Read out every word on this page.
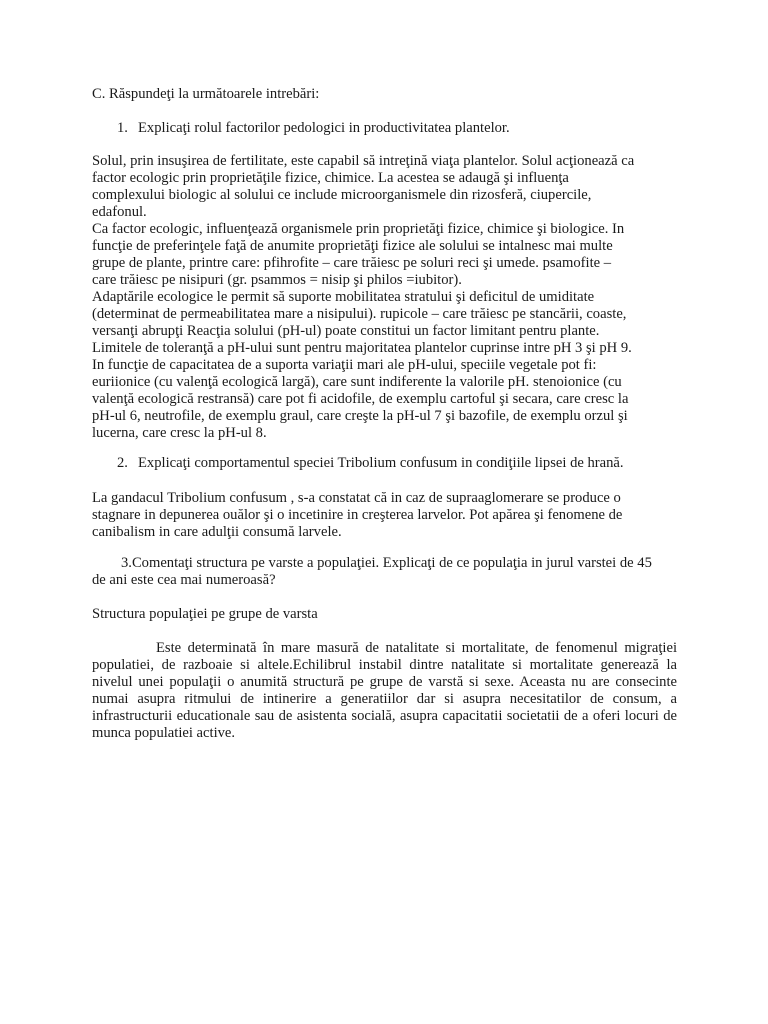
C. Răspundeţi la următoarele intrebări:

1. Explicaţi rolul factorilor pedologici in productivitatea plantelor.

Solul, prin insuşirea de fertilitate, este capabil să intreţină viaţa plantelor. Solul acţionează ca
factor ecologic prin proprietăţile fizice, chimice. La acestea se adaugă şi influenţa
complexului biologic al solului ce include microorganismele din rizosferă, ciupercile,
edafonul.
Ca factor ecologic, influenţează organismele prin proprietăţi fizice, chimice şi biologice. In
funcţie de preferinţele faţă de anumite proprietăţi fizice ale solului se intalnesc mai multe
grupe de plante, printre care: pfihrofite – care trăiesc pe soluri reci şi umede. psamofite –
care trăiesc pe nisipuri (gr. psammos = nisip şi philos =iubitor).
Adaptările ecologice le permit să suporte mobilitatea stratului şi deficitul de umiditate
(determinat de permeabilitatea mare a nisipului). rupicole – care trăiesc pe stancării, coaste,
versanţi abrupţi Reacţia solului (pH-ul) poate constitui un factor limitant pentru plante.
Limitele de toleranţă a pH-ului sunt pentru majoritatea plantelor cuprinse intre pH 3 şi pH 9.
In funcţie de capacitatea de a suporta variaţii mari ale pH-ului, speciile vegetale pot fi:
euriionice (cu valenţă ecologică largă), care sunt indiferente la valorile pH. stenoionice (cu
valenţă ecologică restransă) care pot fi acidofile, de exemplu cartoful şi secara, care cresc la
pH-ul 6, neutrofile, de exemplu graul, care creşte la pH-ul 7 şi bazofile, de exemplu orzul şi
lucerna, care cresc la pH-ul 8.

2. Explicaţi comportamentul speciei Tribolium confusum in condiţiile lipsei de hrană.

La gandacul Tribolium confusum , s-a constatat că in caz de supraaglomerare se produce o stagnare in depunerea ouălor şi o incetinire in creşterea larvelor. Pot apărea şi fenomene de canibalism in care adulţii consumă larvele.

3.Comentaţi structura pe varste a populaţiei. Explicaţi de ce populaţia in jurul varstei de 45 de ani este cea mai numeroasă?

Structura populaţiei pe grupe de varsta

Este determinată în mare masură de natalitate si mortalitate, de fenomenul migraţiei populatiei, de razboaie si altele.Echilibrul instabil dintre natalitate si mortalitate generează la nivelul unei populaţii o anumită structură pe grupe de varstă si sexe. Aceasta nu are consecinte numai asupra ritmului de intinerire a generatiilor dar si asupra necesitatilor de consum, a infrastructurii educationale sau de asistenta socială, asupra capacitatii societatii de a oferi locuri de munca populatiei active.
